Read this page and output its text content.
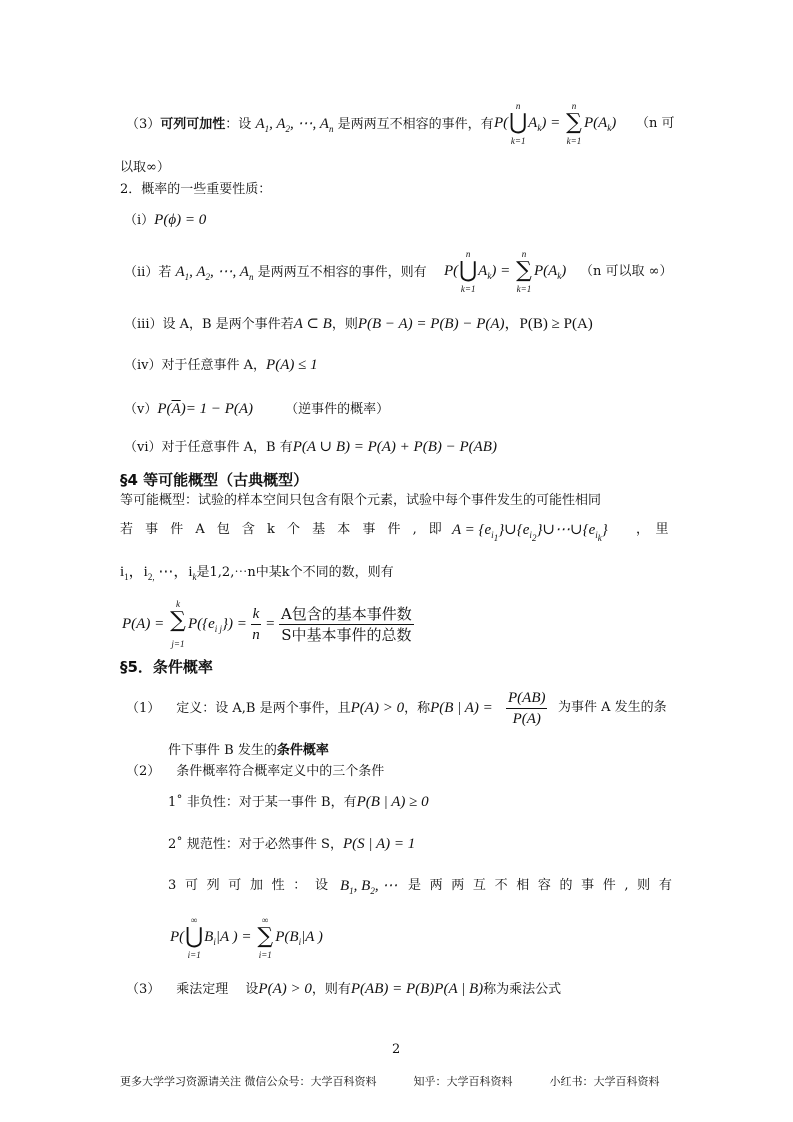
（3）可列可加性：设 $A_1$, $A_2$, ⋯, $A_n$ 是两两互不相容的事件，有 P(
n
⋃
k=1
$A_k$) =
n
∑
k=1
$P(A_k)$ （n 可
以取∞）
2．概率的一些重要性质：
（i）P(ϕ) = 0
（ii）若 $A_1$, $A_2$, ⋯, $A_n$ 是两两互不相容的事件，则有 P(
n
⋃
k=1
$A_k$) =
n
∑
k=1
$P(A_k)$ （n 可以取 ∞）
（iii）设 A，B 是两个事件若A ⊂ B，则P(B − A) = P(B) − P(A)，P(B) ≥ P(A)
（iv）对于任意事件 A，P(A) ≤ 1
$(v)P(\overline{A})= 1 - P(A)$ （逆事件的概率）
（vi）对于任意事件 A，B 有P(A ∪ B) = P(A) + P(B) − P(AB)
§4 等可能概型（古典概型）
等可能概型：试验的样本空间只包含有限个元素，试验中每个事件发生的可能性相同
若 事 件 A 包 含 k 个 基 本 事 件 , 即 $A = \{e_{i_1}\}\cup\{e_{i_2}\}\cup\cdots\cup\{e_{i_k}\}$ ，　里
$i_1$，$i_{2,}$ ⋯，$i_k$是1,2,⋯n中某k个不同的数，则有
P(A) =
k
∑
j=1
$P(\{e_{i j}\}) = \frac{k}{n} = \frac{\text{A包含的基本事件数}}{\text{S中基本事件的总数}}$
§5．条件概率
（1） 定义：设 A,B 是两个事件，且P(A) > 0，称P(B | $A) = \frac{P(AB)}{P(A)}$ 为事件 A 发生的条
件下事件 B 发生的条件概率
（2） 条件概率符合概率定义中的三个条件
1˚ 非负性：对于某一事件 B，有P(B | A) ≥ 0
2˚ 规范性：对于必然事件 S，P(S | A) = 1
3 可 列 可 加 性 ： 设 $B_1$, $B_2$, ⋯ 是 两 两 互 不 相 容 的 事 件 , 则 有
P(
∞
⋃
i=1
$B_i|A$ ) =
∞
∑
i=1
$P(B_i|A$ )
（3） 乘法定理　 设P(A) > 0，则有P(AB) = P(B)P(A | B)称为乘法公式
2
更多大学学习资源请关注 微信公众号：大学百科资料	知乎：大学百科资料	小红书：大学百科资料
